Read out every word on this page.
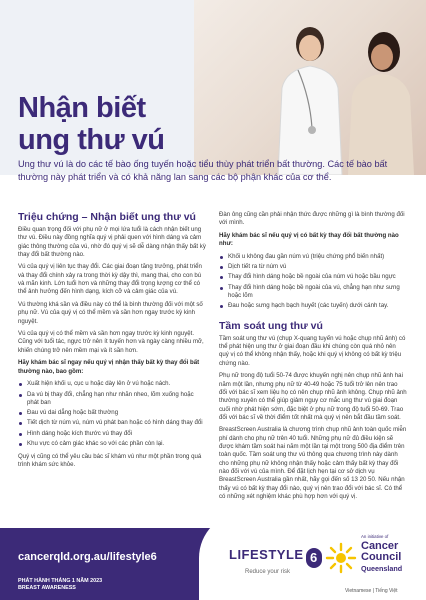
Nhận biết
ung thư vú
Ung thư vú là do các tế bào ống tuyến hoặc tiểu thùy phát triển bất thường. Các tế bào bất thường này phát triển và có khả năng lan sang các bộ phận khác của cơ thể.
Triệu chứng – Nhận biết ung thư vú

Điều quan trọng đối với phụ nữ ở mọi lứa tuổi là cách nhận biết ung thư vú. Điều này đồng nghĩa quý vị phải quen với hình dáng và cảm giác thông thường của vú, nhờ đó quý vị sẽ dễ dàng nhận thấy bất kỳ thay đổi bất thường nào.

Vú của quý vị liên tục thay đổi. Các giai đoạn tăng trưởng, phát triển và thay đổi chính xảy ra trong thời kỳ dậy thì, mang thai, cho con bú và mãn kinh. Lớn tuổi hơn và những thay đổi trọng lượng cơ thể có thể ảnh hưởng đến hình dạng, kích cỡ và cảm giác của vú.

Vú thường khá sần và điều này có thể là bình thường đối với một số phụ nữ. Vú của quý vị có thể mềm và sần hơn ngay trước kỳ kinh nguyệt.

Vú của quý vị có thể mềm và sần hơn ngay trước kỳ kinh nguyệt. Cũng với tuổi tác, ngực trở nên ít tuyến hơn và ngày càng nhiều mỡ, khiến chúng trở nên mềm mại và ít sần hơn.

Hãy khám bác sĩ ngay nếu quý vị nhận thấy bất kỳ thay đổi bất thường nào, bao gồm:

Xuất hiện khối u, cục u hoặc dày lên ở vú hoặc nách.
Da vú bị thay đổi, chẳng hạn như nhăn nheo, lõm xuống hoặc phát ban
Đau vú dai dẳng hoặc bất thường
Tiết dịch từ núm vú, núm vú phát ban hoặc có hình dáng thay đổi
Hình dáng hoặc kích thước vú thay đổi
Khu vực có cảm giác khác so với các phần còn lại.

Quý vị cũng có thể yêu cầu bác sĩ khám vú như một phần trong quá trình khám sức khỏe.

Đàn ông cũng cần phải nhận thức được những gì là bình thường đối với mình.

Hãy khám bác sĩ nếu quý vị có bất kỳ thay đổi bất thường nào như:

Khối u không đau gần núm vú (triệu chứng phổ biến nhất)
Dịch tiết ra từ núm vú
Thay đổi hình dáng hoặc bề ngoài của núm vú hoặc bầu ngực
Thay đổi hình dáng hoặc bề ngoài của vú, chẳng hạn như sưng hoặc lõm
Đau hoặc sưng hạch bạch huyết (các tuyến) dưới cánh tay.
Tầm soát ung thư vú

Tầm soát ung thư vú (chụp X-quang tuyến vú hoặc chụp nhũ ảnh) có thể phát hiện ung thư ở giai đoạn đầu khi chúng còn quá nhỏ nên quý vị có thể không nhận thấy, hoặc khi quý vị không có bất kỳ triệu chứng nào.

Phụ nữ trong độ tuổi 50-74 được khuyến nghị nên chụp nhũ ảnh hai năm một lần, nhưng phụ nữ từ 40-49 hoặc 75 tuổi trở lên nên trao đổi với bác sĩ xem liệu họ có nên chụp nhũ ảnh không. Chụp nhũ ảnh thường xuyên có thể giúp giảm nguy cơ mắc ung thư vú giai đoạn cuối nhờ phát hiện sớm, đặc biệt ở phụ nữ trong độ tuổi 50-69. Trao đổi với bác sĩ về thời điểm tốt nhất mà quý vị nên bắt đầu tầm soát.

BreastScreen Australia là chương trình chụp nhũ ảnh toàn quốc miễn phí dành cho phụ nữ trên 40 tuổi. Những phụ nữ đủ điều kiện sẽ được khám tầm soát hai năm một lần tại một trong 500 địa điểm trên toàn quốc. Tầm soát ung thư vú thông qua chương trình này dành cho những phụ nữ không nhận thấy hoặc cảm thấy bất kỳ thay đổi nào đối với vú của mình. Để đặt lịch hẹn tại cơ sở dịch vụ BreastScreen Australia gần nhất, hãy gọi đến số 13 20 50. Nếu nhận thấy vú có bất kỳ thay đổi nào, quý vị nên trao đổi với bác sĩ. Có thể có những xét nghiệm khác phù hợp hơn với quý vị.

cancerqld.org.au/lifestyle6
PHÁT HÀNH THÁNG 1 NĂM 2023
BREAST AWARENESS
LIFESTYLE 6
Reduce your risk
An initiative of
Cancer
Council
Queensland
Vietnamese | Tiếng Việt
